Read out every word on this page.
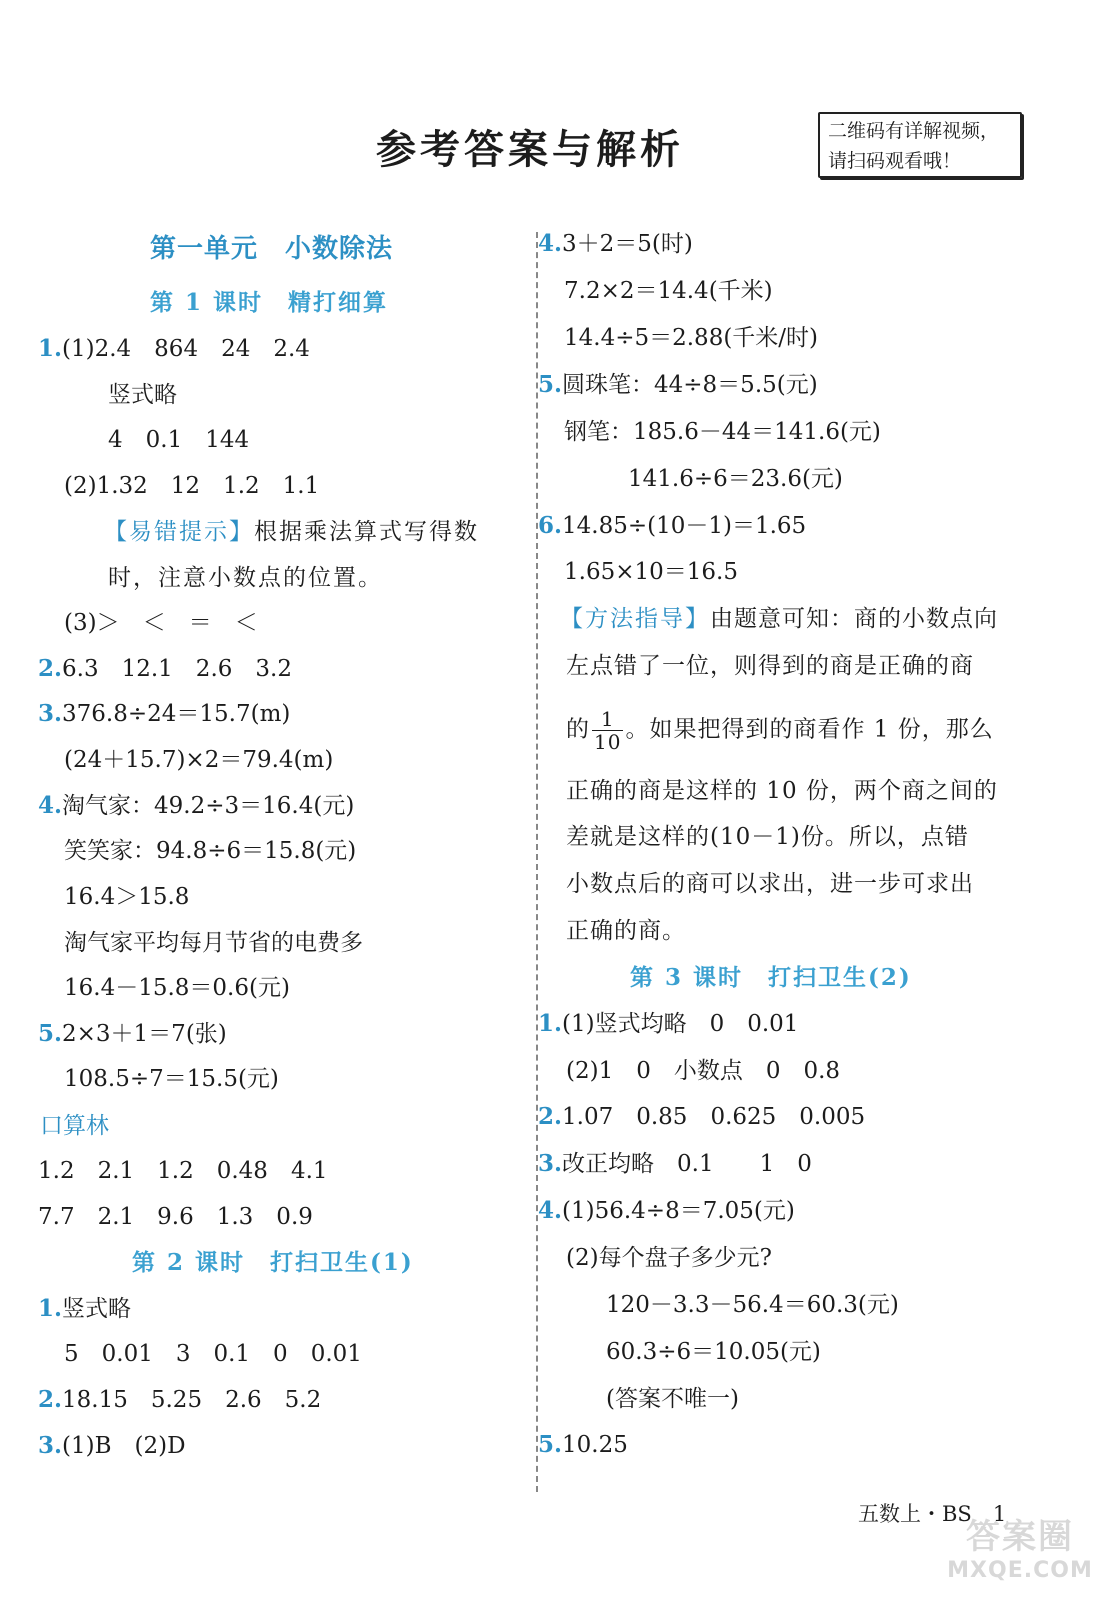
参考答案与解析	二维码有详解视频，
请扫码观看哦！
第一单元　小数除法
第 1 课时　精打细算
1.(1)2.4　864　24　2.4
竖式略
4　0.1　144
(2)1.32　12　1.2　1.1
【易错提示】根据乘法算式写得数
时，注意小数点的位置。
(3)＞　＜　＝　＜
2.6.3　12.1　2.6　3.2
3.376.8÷24＝15.7(m)
(24＋15.7)×2＝79.4(m)
4.淘气家：49.2÷3＝16.4(元)
笑笑家：94.8÷6＝15.8(元)
16.4＞15.8
淘气家平均每月节省的电费多
16.4－15.8＝0.6(元)
5.2×3＋1＝7(张)
108.5÷7＝15.5(元)
口算林
1.2　2.1　1.2　0.48　4.1
7.7　2.1　9.6　1.3　0.9
第 2 课时　打扫卫生(1)
1.竖式略
5　0.01　3　0.1　0　0.01
2.18.15　5.25　2.6　5.2
3.(1)B　(2)D
4.3＋2＝5(时)
7.2×2＝14.4(千米)
14.4÷5＝2.88(千米/时)
5.圆珠笔：44÷8＝5.5(元)
钢笔：185.6－44＝141.6(元)
141.6÷6＝23.6(元)
6.14.85÷(10－1)＝1.65
1.65×10＝16.5
【方法指导】由题意可知：商的小数点向
左点错了一位，则得到的商是正确的商
的 $\frac{1}{10}$ 。如果把得到的商看作 1 份，那么
正确的商是这样的 10 份，两个商之间的
差就是这样的(10－1)份。所以，点错
小数点后的商可以求出，进一步可求出
正确的商。
第 3 课时　打扫卫生(2)
1.(1)竖式均略　0　0.01
(2)1　0　小数点　0　0.8
2.1.07　0.85　0.625　0.005
3.改正均略　0.1　　1　0
4.(1)56.4÷8＝7.05(元)
(2)每个盘子多少元?
120－3.3－56.4＝60.3(元)
60.3÷6＝10.05(元)
(答案不唯一)
5.10.25
五数上・BS　1
答案圈
MXQE.COM
